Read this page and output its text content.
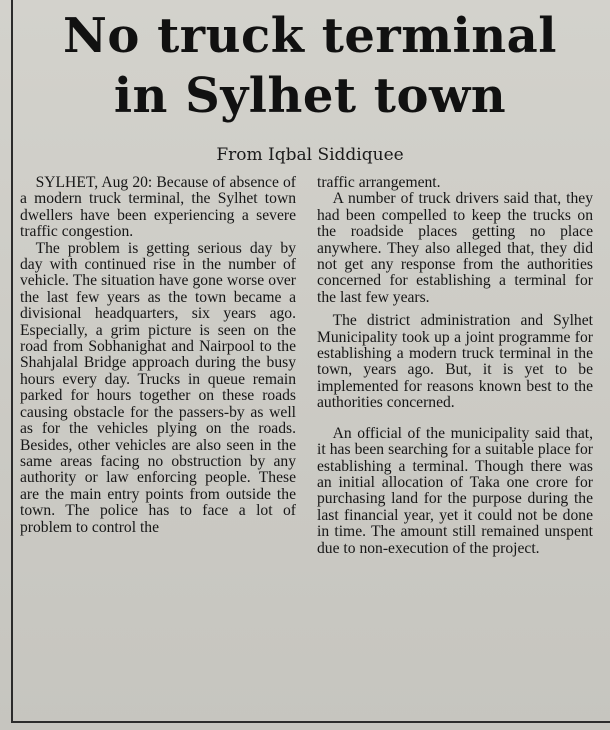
No truck terminal
in Sylhet town
From Iqbal Siddiquee

SYLHET, Aug 20: Because of absence of a modern truck terminal, the Sylhet town dwellers have been experiencing a severe traffic congestion.

The problem is getting serious day by day with continued rise in the number of vehicle. The situation have gone worse over the last few years as the town became a divisional headquarters, six years ago. Especially, a grim picture is seen on the road from Sobhanighat and Nairpool to the Shahjalal Bridge approach during the busy hours every day. Trucks in queue remain parked for hours together on these roads causing obstacle for the passers-by as well as for the vehicles plying on the roads. Besides, other vehicles are also seen in the same areas facing no obstruction by any authority or law enforcing people. These are the main entry points from outside the town. The police has to face a lot of problem to control the

traffic arrangement.

A number of truck drivers said that, they had been compelled to keep the trucks on the roadside places getting no place anywhere. They also alleged that, they did not get any response from the authorities concerned for establishing a terminal for the last few years.

The district administration and Sylhet Municipality took up a joint programme for establishing a modern truck terminal in the town, years ago. But, it is yet to be implemented for reasons known best to the authorities concerned.

An official of the municipality said that, it has been searching for a suitable place for establishing a terminal. Though there was an initial allocation of Taka one crore for purchasing land for the purpose during the last financial year, yet it could not be done in time. The amount still remained unspent due to non-execution of the project.
